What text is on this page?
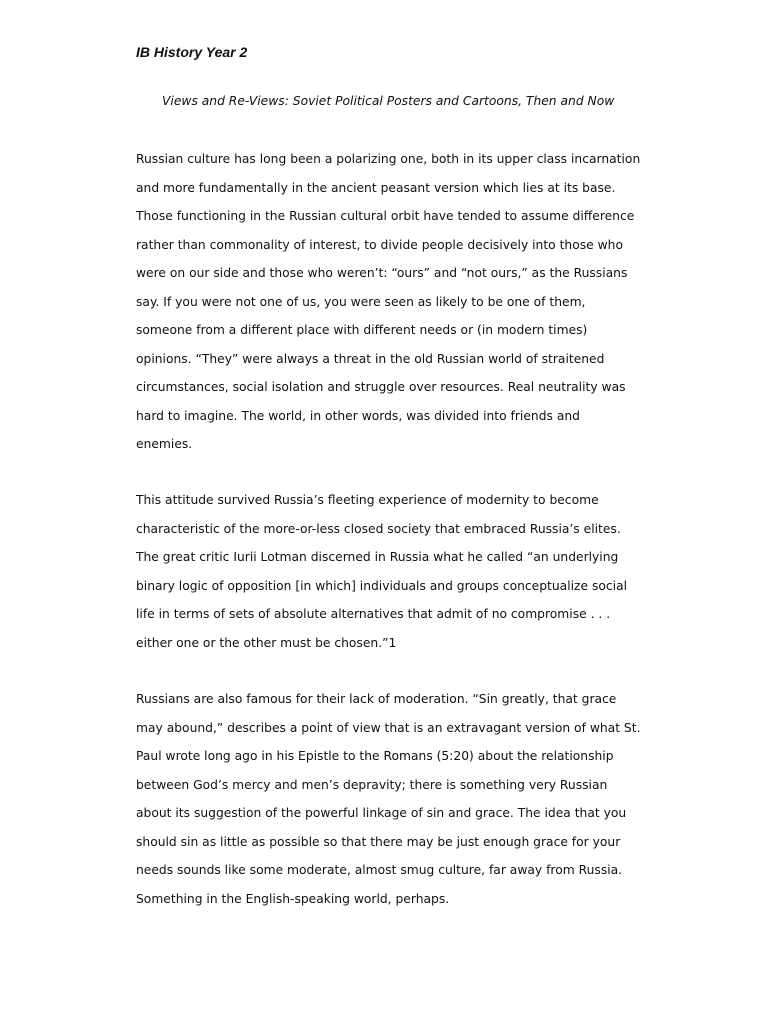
IB History Year 2
Views and Re-Views: Soviet Political Posters and Cartoons, Then and Now
Russian culture has long been a polarizing one, both in its upper class incarnation
and more fundamentally in the ancient peasant version which lies at its base.
Those functioning in the Russian cultural orbit have tended to assume difference
rather than commonality of interest, to divide people decisively into those who
were on our side and those who weren’t: “ours” and “not ours,” as the Russians
say. If you were not one of us, you were seen as likely to be one of them,
someone from a different place with different needs or (in modern times)
opinions. “They” were always a threat in the old Russian world of straitened
circumstances, social isolation and struggle over resources. Real neutrality was
hard to imagine. The world, in other words, was divided into friends and
enemies.
This attitude survived Russia’s fleeting experience of modernity to become
characteristic of the more-or-less closed society that embraced Russia’s elites.
The great critic Iurii Lotman discerned in Russia what he called “an underlying
binary logic of opposition [in which] individuals and groups conceptualize social
life in terms of sets of absolute alternatives that admit of no compromise . . .
either one or the other must be chosen.”1
Russians are also famous for their lack of moderation. “Sin greatly, that grace
may abound,” describes a point of view that is an extravagant version of what St.
Paul wrote long ago in his Epistle to the Romans (5:20) about the relationship
between God’s mercy and men’s depravity; there is something very Russian
about its suggestion of the powerful linkage of sin and grace. The idea that you
should sin as little as possible so that there may be just enough grace for your
needs sounds like some moderate, almost smug culture, far away from Russia.
Something in the English-speaking world, perhaps.
